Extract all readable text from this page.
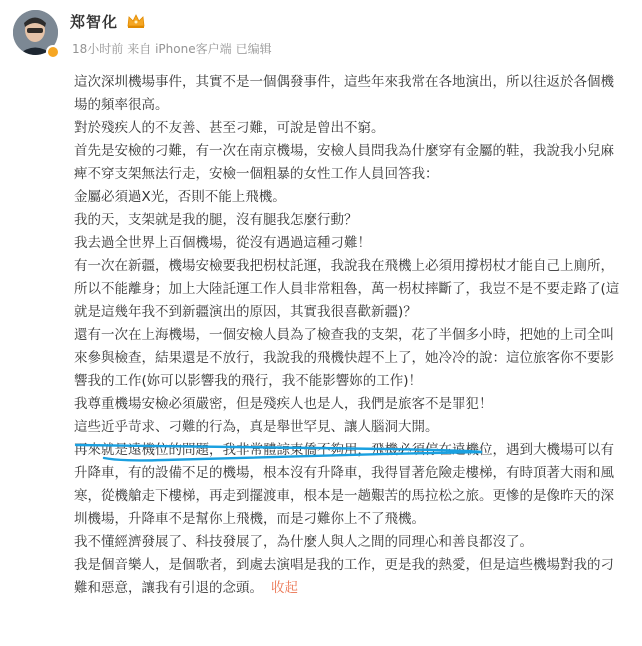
郑智化
18小时前 来自 iPhone客户端 已编辑

這次深圳機場事件，其實不是一個偶發事件，這些年來我常在各地演出，所以往返於各個機場的頻率很高。

對於殘疾人的不友善、甚至刁難，可說是曾出不窮。

首先是安檢的刁難，有一次在南京機場，安檢人員問我為什麼穿有金屬的鞋，我說我小兒麻痺不穿支架無法行走，安檢一個粗暴的女性工作人員回答我：

金屬必須過X光，否則不能上飛機。

我的天，支架就是我的腿，沒有腿我怎麼行動？

我去過全世界上百個機場，從沒有遇過這種刁難！

有一次在新疆，機場安檢要我把枴杖託運，我說我在飛機上必須用撐枴杖才能自己上廁所，所以不能離身；加上大陸託運工作人員非常粗魯，萬一枴杖摔斷了，我豈不是不要走路了(這就是這幾年我不到新疆演出的原因，其實我很喜歡新疆)？

還有一次在上海機場，一個安檢人員為了檢查我的支架，花了半個多小時，把她的上司全叫來參與檢查，結果還是不放行，我說我的飛機快趕不上了，她冷冷的說：這位旅客你不要影響我的工作(妳可以影響我的飛行，我不能影響妳的工作)！

我尊重機場安檢必須嚴密，但是殘疾人也是人，我們是旅客不是罪犯！

這些近乎苛求、刁難的行為，真是舉世罕見、讓人腦洞大開。

再來就是遠機位的問題，我非常體諒東僑不夠用，飛機必須停在遠機位，遇到大機場可以有升降車，有的設備不足的機場，根本沒有升降車，我得冒著危險走樓梯，有時頂著大雨和風寒，從機艙走下樓梯，再走到擺渡車，根本是一趟艱苦的馬拉松之旅。更慘的是像昨天的深圳機場，升降車不是幫你上飛機，而是刁難你上不了飛機。

我不懂經濟發展了、科技發展了，為什麼人與人之間的同理心和善良都沒了。

我是個音樂人，是個歌者，到處去演唱是我的工作，更是我的熱愛，但是這些機場對我的刁難和惡意，讓我有引退的念頭。 收起
